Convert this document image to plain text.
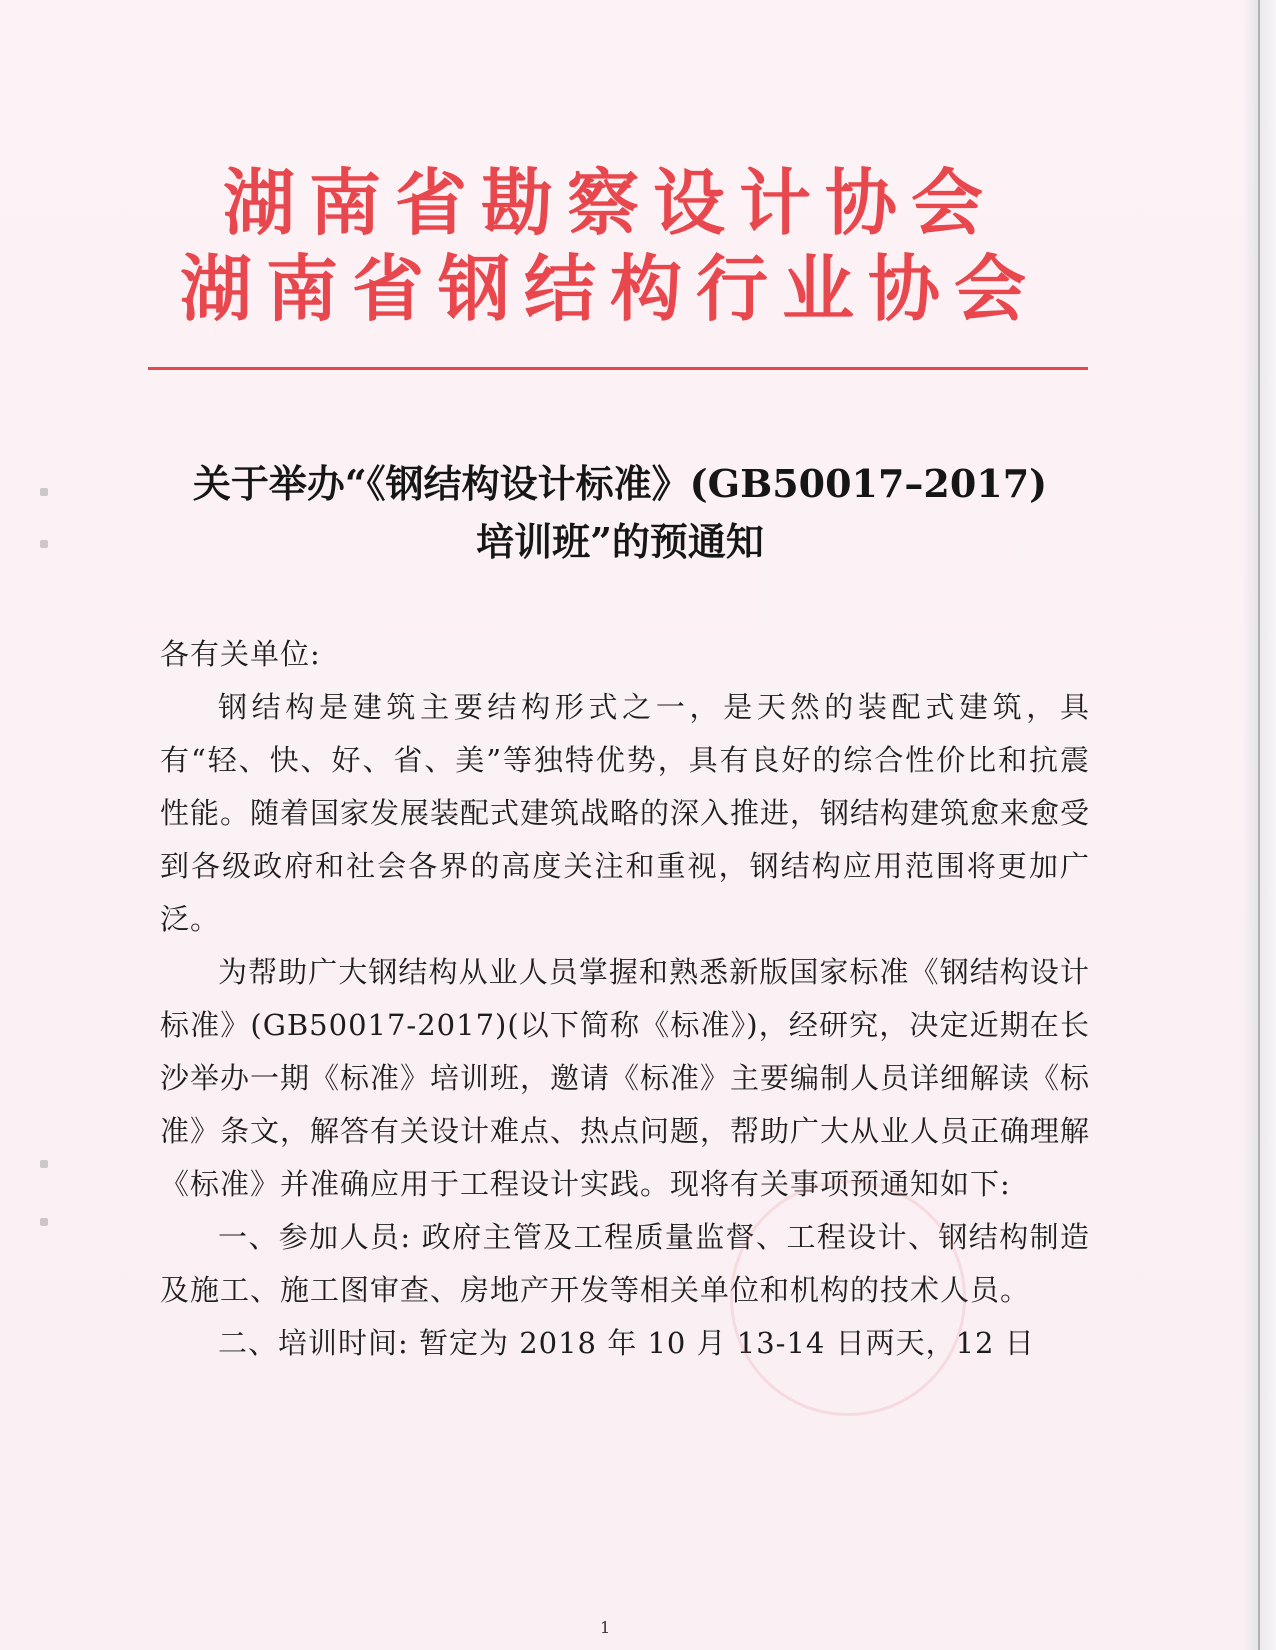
湖南省勘察设计协会
湖南省钢结构行业协会
关于举办“《钢结构设计标准》(GB50017–2017)
培训班”的预通知

各有关单位:

钢结构是建筑主要结构形式之一，是天然的装配式建筑，具有“轻、快、好、省、美”等独特优势，具有良好的综合性价比和抗震性能。随着国家发展装配式建筑战略的深入推进，钢结构建筑愈来愈受到各级政府和社会各界的高度关注和重视，钢结构应用范围将更加广泛。

为帮助广大钢结构从业人员掌握和熟悉新版国家标准《钢结构设计标准》(GB50017-2017)(以下简称《标准》)，经研究，决定近期在长沙举办一期《标准》培训班，邀请《标准》主要编制人员详细解读《标准》条文，解答有关设计难点、热点问题，帮助广大从业人员正确理解《标准》并准确应用于工程设计实践。现将有关事项预通知如下:

一、参加人员: 政府主管及工程质量监督、工程设计、钢结构制造及施工、施工图审查、房地产开发等相关单位和机构的技术人员。

二、培训时间: 暂定为 2018 年 10 月 13-14 日两天，12 日

1
